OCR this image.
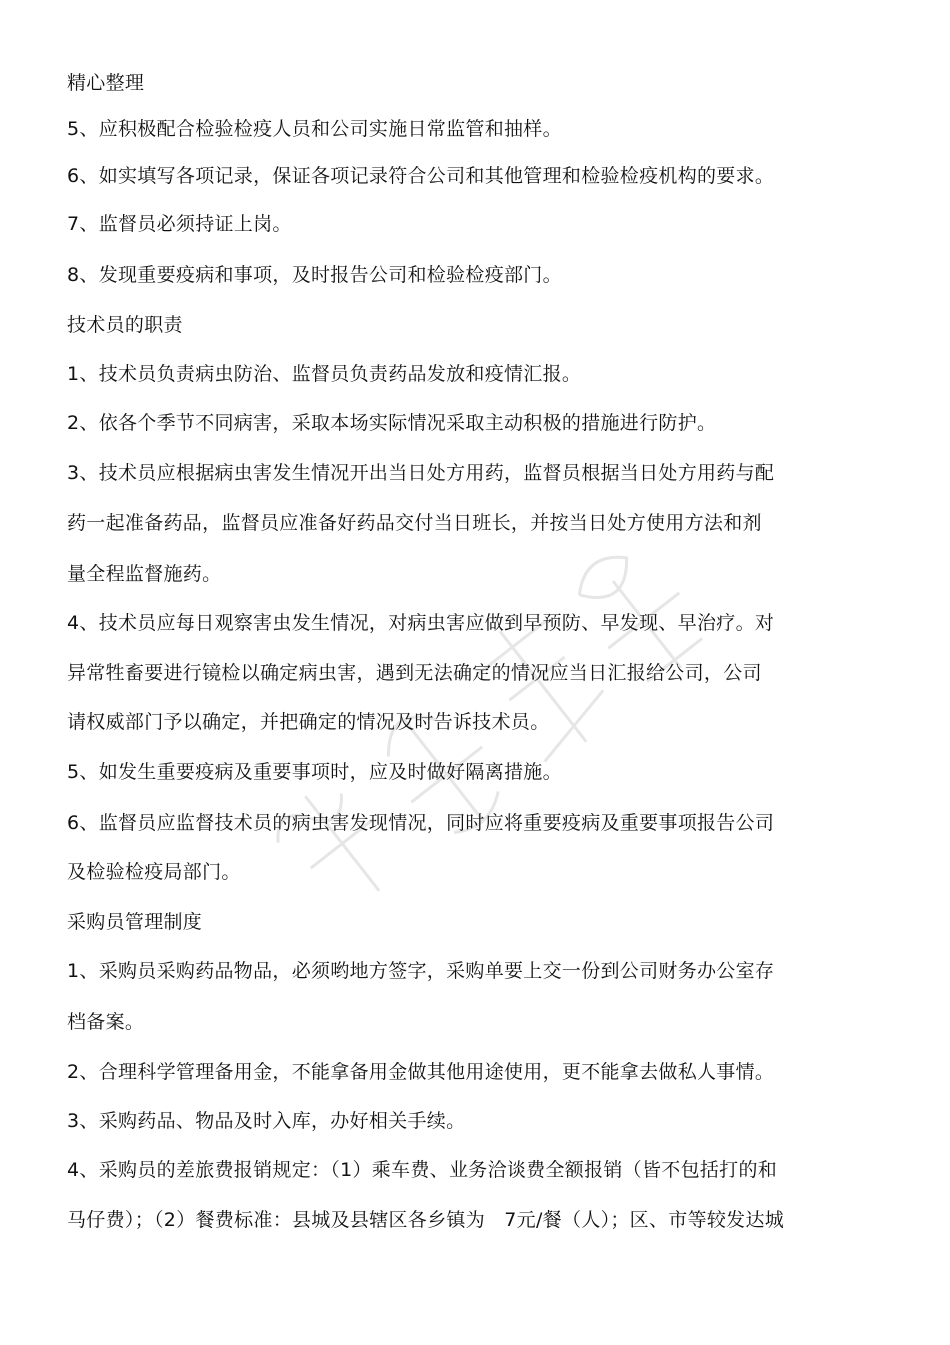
精心整理
5、应积极配合检验检疫人员和公司实施日常监管和抽样。
6、如实填写各项记录，保证各项记录符合公司和其他管理和检验检疫机构的要求。
7、监督员必须持证上岗。
8、发现重要疫病和事项，及时报告公司和检验检疫部门。
技术员的职责
1、技术员负责病虫防治、监督员负责药品发放和疫情汇报。
2、依各个季节不同病害，采取本场实际情况采取主动积极的措施进行防护。
3、技术员应根据病虫害发生情况开出当日处方用药，监督员根据当日处方用药与配
药一起准备药品，监督员应准备好药品交付当日班长，并按当日处方使用方法和剂
量全程监督施药。
4、技术员应每日观察害虫发生情况，对病虫害应做到早预防、早发现、早治疗。对
异常牲畜要进行镜检以确定病虫害，遇到无法确定的情况应当日汇报给公司，公司
请权威部门予以确定，并把确定的情况及时告诉技术员。
5、如发生重要疫病及重要事项时，应及时做好隔离措施。
6、监督员应监督技术员的病虫害发现情况，同时应将重要疫病及重要事项报告公司
及检验检疫局部门。
采购员管理制度
1、采购员采购药品物品，必须哟地方签字，采购单要上交一份到公司财务办公室存
档备案。
2、合理科学管理备用金，不能拿备用金做其他用途使用，更不能拿去做私人事情。
3、采购药品、物品及时入库，办好相关手续。
4、采购员的差旅费报销规定：（1）乘车费、业务洽谈费全额报销（皆不包括打的和
马仔费）；（2）餐费标准：县城及县辖区各乡镇为　7元/餐（人）；区、市等较发达城
